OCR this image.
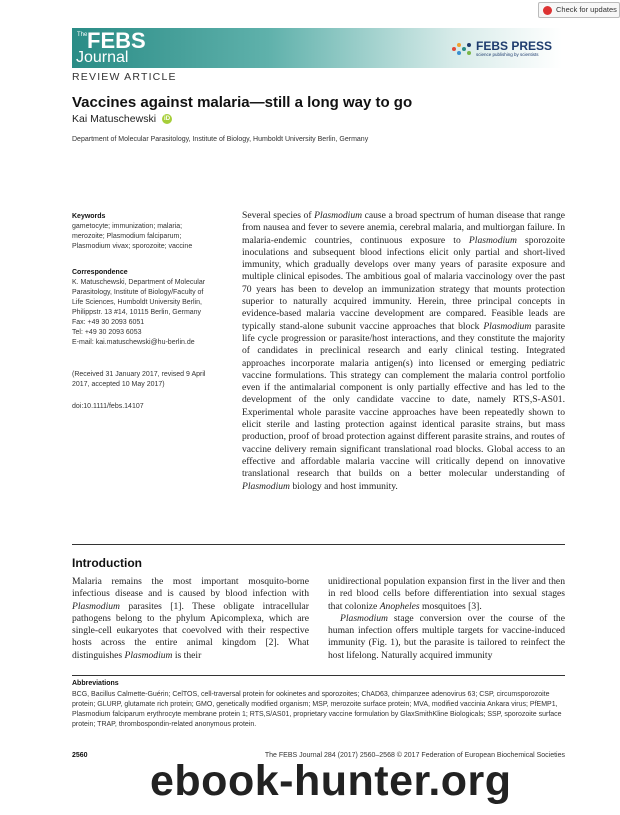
Check for updates
The FEBS
Journal
FEBS PRESS
science publishing by scientists
REVIEW ARTICLE
Vaccines against malaria—still a long way to go
Kai Matuschewski	iD
Department of Molecular Parasitology, Institute of Biology, Humboldt University Berlin, Germany
Keywords
gametocyte; immunization; malaria;
merozoite; Plasmodium falciparum;
Plasmodium vivax; sporozoite; vaccine
Correspondence
K. Matuschewski, Department of Molecular
Parasitology, Institute of Biology/Faculty of
Life Sciences, Humboldt University Berlin,
Philippstr. 13 #14, 10115 Berlin, Germany
Fax: +49 30 2093 6051
Tel: +49 30 2093 6053
E-mail: kai.matuschewski@hu-berlin.de
(Received 31 January 2017, revised 9 April
2017, accepted 10 May 2017)
doi:10.1111/febs.14107

Several species of Plasmodium cause a broad spectrum of human disease that range from nausea and fever to severe anemia, cerebral malaria, and multiorgan failure. In malaria-endemic countries, continuous exposure to Plasmodium sporozoite inoculations and subsequent blood infections elicit only partial and short-lived immunity, which gradually develops over many years of parasite exposure and multiple clinical episodes. The ambitious goal of malaria vaccinology over the past 70 years has been to develop an immunization strategy that mounts protection superior to naturally acquired immunity. Herein, three principal concepts in evidence-based malaria vaccine development are compared. Feasible leads are typically stand-alone subunit vaccine approaches that block Plasmodium parasite life cycle progression or parasite/host interactions, and they constitute the majority of candidates in preclinical research and early clinical testing. Integrated approaches incorporate malaria antigen(s) into licensed or emerging pediatric vaccine formulations. This strategy can complement the malaria control portfolio even if the antimalarial component is only partially effective and has led to the development of the only candidate vaccine to date, namely RTS,S-AS01. Experimental whole parasite vaccine approaches have been repeatedly shown to elicit sterile and lasting protection against identical parasite strains, but mass production, proof of broad protection against different parasite strains, and routes of vaccine delivery remain significant translational road blocks. Global access to an effective and affordable malaria vaccine will critically depend on innovative translational research that builds on a better molecular understanding of Plasmodium biology and host immunity.

Introduction

Malaria remains the most important mosquito-borne infectious disease and is caused by blood infection with Plasmodium parasites [1]. These obligate intracellular pathogens belong to the phylum Apicomplexa, which are single-cell eukaryotes that coevolved with their respective hosts across the entire animal kingdom [2]. What distinguishes Plasmodium is their

unidirectional population expansion first in the liver and then in red blood cells before differentiation into sexual stages that colonize Anopheles mosquitoes [3].
Plasmodium stage conversion over the course of the human infection offers multiple targets for vaccine-induced immunity (Fig. 1), but the parasite is tailored to reinfect the host lifelong. Naturally acquired immunity

Abbreviations

BCG, Bacillus Calmette-Guérin; CelTOS, cell-traversal protein for ookinetes and sporozoites; ChAD63, chimpanzee adenovirus 63; CSP, circumsporozoite protein; GLURP, glutamate rich protein; GMO, genetically modified organism; MSP, merozoite surface protein; MVA, modified vaccinia Ankara virus; PfEMP1, Plasmodium falciparum erythrocyte membrane protein 1; RTS,S/AS01, proprietary vaccine formulation by GlaxSmithKline Biologicals; SSP, sporozoite surface protein; TRAP, thrombospondin-related anonymous protein.

2560	The FEBS Journal 284 (2017) 2560–2568 © 2017 Federation of European Biochemical Societies
ebook-hunter.org
